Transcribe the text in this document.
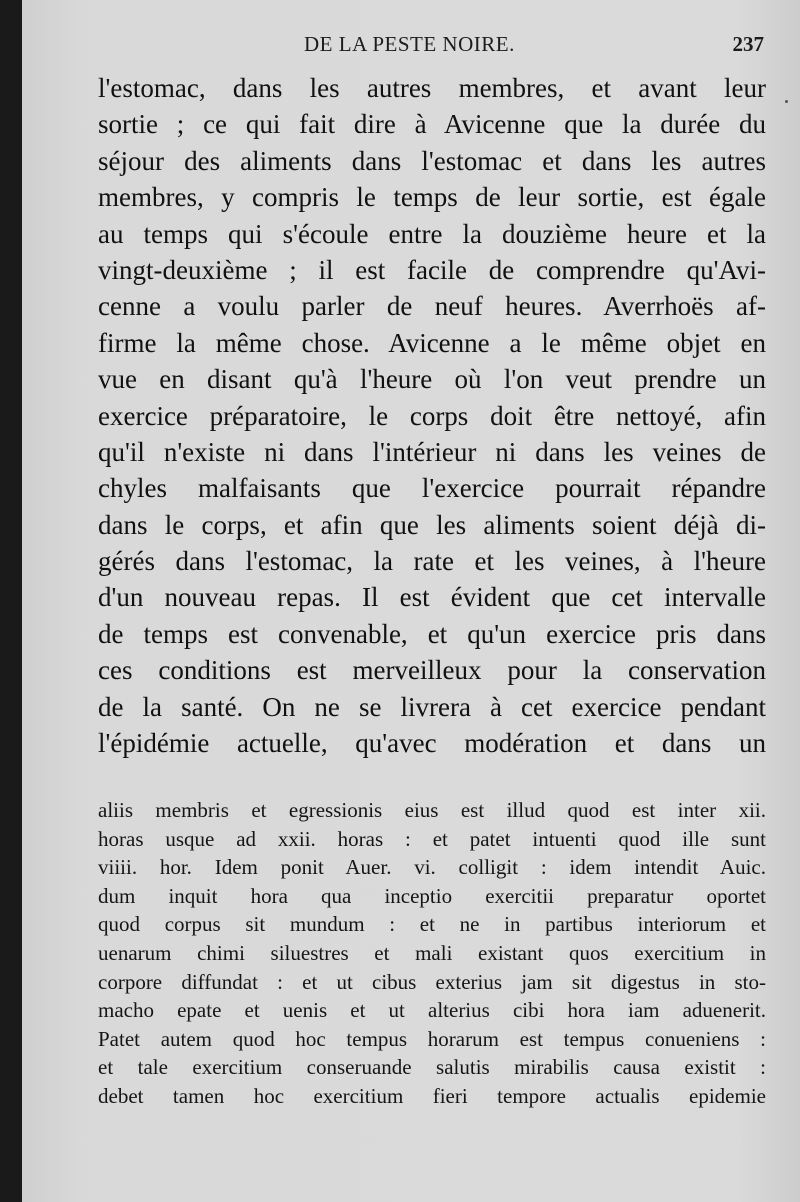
DE LA PESTE NOIRE.	237
l'estomac, dans les autres membres, et avant leur
sortie ; ce qui fait dire à Avicenne que la durée du
séjour des aliments dans l'estomac et dans les autres
membres, y compris le temps de leur sortie, est égale
au temps qui s'écoule entre la douzième heure et la
vingt-deuxième ; il est facile de comprendre qu'Avi-
cenne a voulu parler de neuf heures. Averrhoës af-
firme la même chose. Avicenne a le même objet en
vue en disant qu'à l'heure où l'on veut prendre un
exercice préparatoire, le corps doit être nettoyé, afin
qu'il n'existe ni dans l'intérieur ni dans les veines de
chyles malfaisants que l'exercice pourrait répandre
dans le corps, et afin que les aliments soient déjà di-
gérés dans l'estomac, la rate et les veines, à l'heure
d'un nouveau repas. Il est évident que cet intervalle
de temps est convenable, et qu'un exercice pris dans
ces conditions est merveilleux pour la conservation
de la santé. On ne se livrera à cet exercice pendant
l'épidémie actuelle, qu'avec modération et dans un
aliis membris et egressionis eius est illud quod est inter xii.
horas usque ad xxii. horas : et patet intuenti quod ille sunt
viiii. hor. Idem ponit Auer. vi. colligit : idem intendit Auic.
dum inquit hora qua inceptio exercitii preparatur oportet
quod corpus sit mundum : et ne in partibus interiorum et
uenarum chimi siluestres et mali existant quos exercitium in
corpore diffundat : et ut cibus exterius jam sit digestus in sto-
macho epate et uenis et ut alterius cibi hora iam aduenerit.
Patet autem quod hoc tempus horarum est tempus conueniens :
et tale exercitium conseruande salutis mirabilis causa existit :
debet tamen hoc exercitium fieri tempore actualis epidemie
